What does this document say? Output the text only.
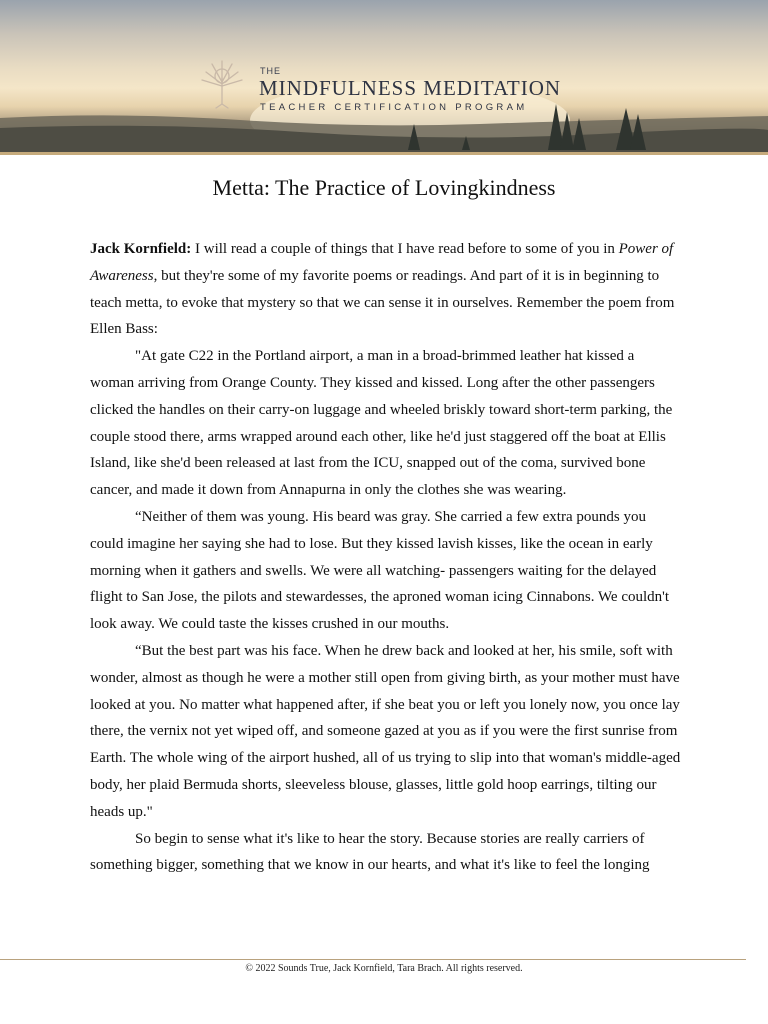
THE
MINDFULNESS MEDITATION
TEACHER CERTIFICATION PROGRAM
Metta: The Practice of Lovingkindness

Jack Kornfield: I will read a couple of things that I have read before to some of you in Power of Awareness, but they're some of my favorite poems or readings. And part of it is in beginning to teach metta, to evoke that mystery so that we can sense it in ourselves. Remember the poem from Ellen Bass:

"At gate C22 in the Portland airport, a man in a broad-brimmed leather hat kissed a woman arriving from Orange County. They kissed and kissed. Long after the other passengers clicked the handles on their carry-on luggage and wheeled briskly toward short-term parking, the couple stood there, arms wrapped around each other, like he'd just staggered off the boat at Ellis Island, like she'd been released at last from the ICU, snapped out of the coma, survived bone cancer, and made it down from Annapurna in only the clothes she was wearing.

“Neither of them was young. His beard was gray. She carried a few extra pounds you could imagine her saying she had to lose. But they kissed lavish kisses, like the ocean in early morning when it gathers and swells. We were all watching- passengers waiting for the delayed flight to San Jose, the pilots and stewardesses, the aproned woman icing Cinnabons. We couldn't look away. We could taste the kisses crushed in our mouths.

“But the best part was his face. When he drew back and looked at her, his smile, soft with wonder, almost as though he were a mother still open from giving birth, as your mother must have looked at you. No matter what happened after, if she beat you or left you lonely now, you once lay there, the vernix not yet wiped off, and someone gazed at you as if you were the first sunrise from Earth. The whole wing of the airport hushed, all of us trying to slip into that woman's middle-aged body, her plaid Bermuda shorts, sleeveless blouse, glasses, little gold hoop earrings, tilting our heads up."

So begin to sense what it's like to hear the story. Because stories are really carriers of something bigger, something that we know in our hearts, and what it's like to feel the longing

© 2022 Sounds True, Jack Kornfield, Tara Brach. All rights reserved.
